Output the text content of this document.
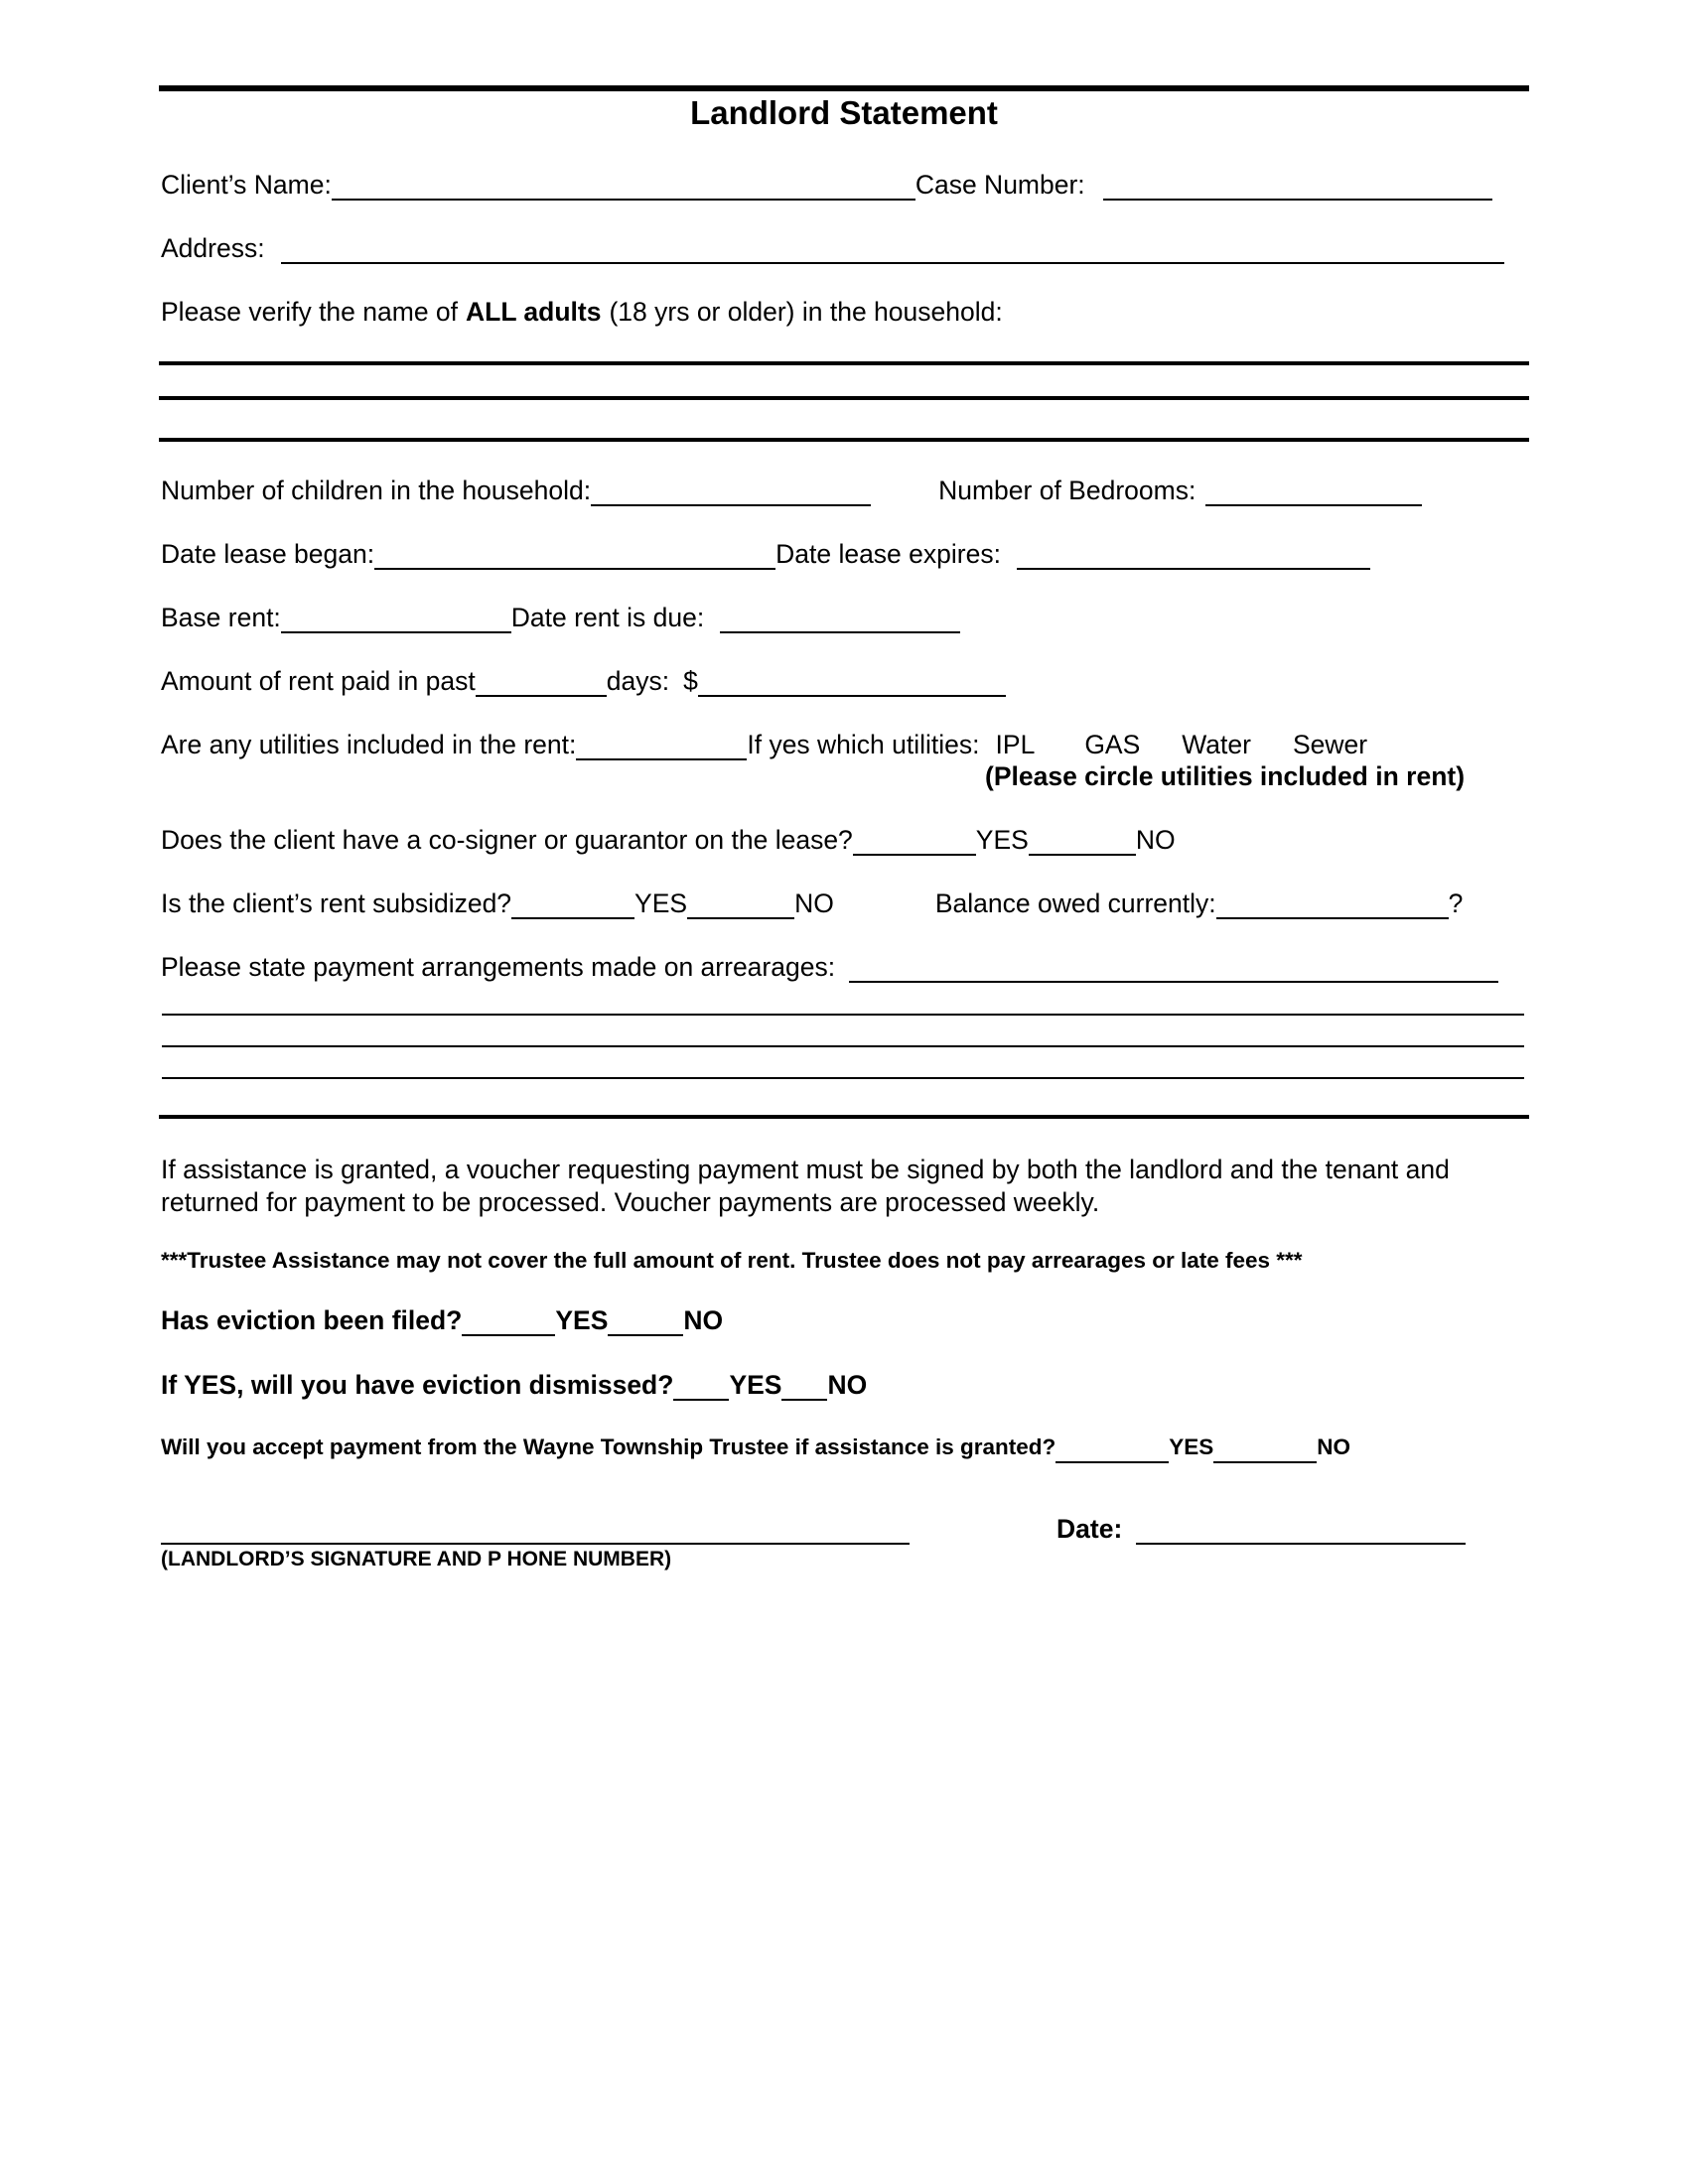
Landlord Statement
Client’s Name:	Case Number:
Address:
Please verify the name of ALL adults (18 yrs or older) in the household:
Number of children in the household:	Number of Bedrooms:
Date lease began:	Date lease expires:
Base rent:	Date rent is due:
Amount of rent paid in past	days: $
Are any utilities included in the rent:	If yes which utilities: IPL GAS Water Sewer
(Please circle utilities included in rent)
Does the client have a co-signer or guarantor on the lease?	YES	NO
Is the client’s rent subsidized?	YES	NO	Balance owed currently:	?
Please state payment arrangements made on arrearages:
If assistance is granted, a voucher requesting payment must be signed by both the landlord and the tenant and returned for payment to be processed. Voucher payments are processed weekly.
***Trustee Assistance may not cover the full amount of rent. Trustee does not pay arrearages or late fees ***
Has eviction been filed?	YES	NO
If YES, will you have eviction dismissed? YES NO
Will you accept payment from the Wayne Township Trustee if assistance is granted?	YES	NO
Date:
(LANDLORD’S SIGNATURE AND P HONE NUMBER)
